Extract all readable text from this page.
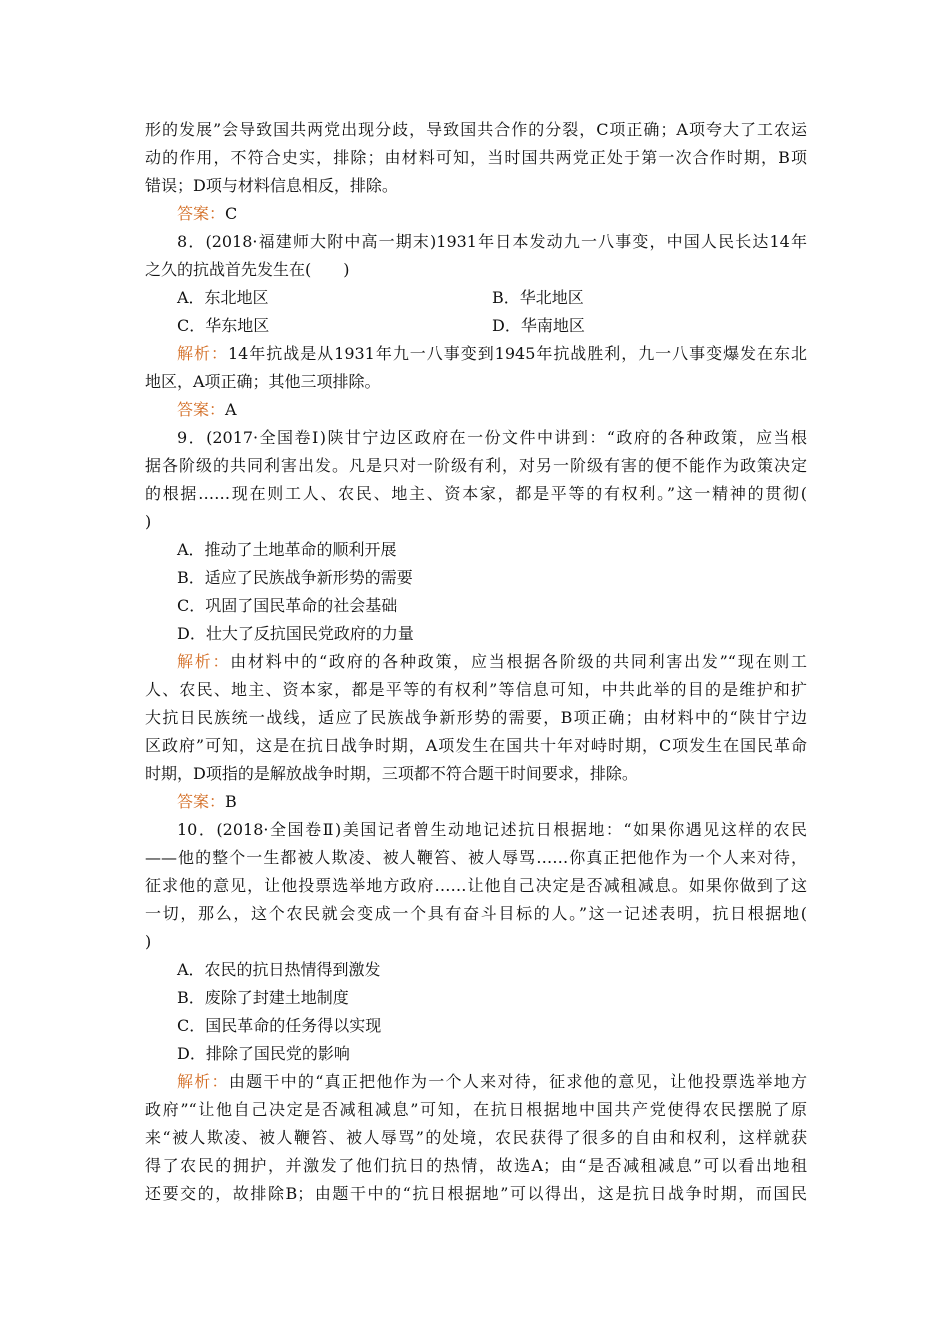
形的发展”会导致国共两党出现分歧，导致国共合作的分裂，C项正确；A项夸大了工农运
动的作用，不符合史实，排除；由材料可知，当时国共两党正处于第一次合作时期，B项
错误；D项与材料信息相反，排除。
答案：C
8．(2018·福建师大附中高一期末)1931年日本发动九一八事变，中国人民长达14年
之久的抗战首先发生在(　　)
A．东北地区	B．华北地区
C．华东地区	D．华南地区
解析：14年抗战是从1931年九一八事变到1945年抗战胜利，九一八事变爆发在东北
地区，A项正确；其他三项排除。
答案：A
9．(2017·全国卷Ⅰ)陕甘宁边区政府在一份文件中讲到：“政府的各种政策，应当根
据各阶级的共同利害出发。凡是只对一阶级有利，对另一阶级有害的便不能作为政策决定
的根据……现在则工人、农民、地主、资本家，都是平等的有权利。”这一精神的贯彻(
)
A．推动了土地革命的顺利开展
B．适应了民族战争新形势的需要
C．巩固了国民革命的社会基础
D．壮大了反抗国民党政府的力量
解析：由材料中的“政府的各种政策，应当根据各阶级的共同利害出发”“现在则工
人、农民、地主、资本家，都是平等的有权利”等信息可知，中共此举的目的是维护和扩
大抗日民族统一战线，适应了民族战争新形势的需要，B项正确；由材料中的“陕甘宁边
区政府”可知，这是在抗日战争时期，A项发生在国共十年对峙时期，C项发生在国民革命
时期，D项指的是解放战争时期，三项都不符合题干时间要求，排除。
答案：B
10．(2018·全国卷Ⅱ)美国记者曾生动地记述抗日根据地：“如果你遇见这样的农民
——他的整个一生都被人欺凌、被人鞭笞、被人辱骂……你真正把他作为一个人来对待，
征求他的意见，让他投票选举地方政府……让他自己决定是否减租减息。如果你做到了这
一切，那么，这个农民就会变成一个具有奋斗目标的人。”这一记述表明，抗日根据地(
)
A．农民的抗日热情得到激发
B．废除了封建土地制度
C．国民革命的任务得以实现
D．排除了国民党的影响
解析：由题干中的“真正把他作为一个人来对待，征求他的意见，让他投票选举地方
政府”“让他自己决定是否减租减息”可知，在抗日根据地中国共产党使得农民摆脱了原
来“被人欺凌、被人鞭笞、被人辱骂”的处境，农民获得了很多的自由和权利，这样就获
得了农民的拥护，并激发了他们抗日的热情，故选A；由“是否减租减息”可以看出地租
还要交的，故排除B；由题干中的“抗日根据地”可以得出，这是抗日战争时期，而国民
